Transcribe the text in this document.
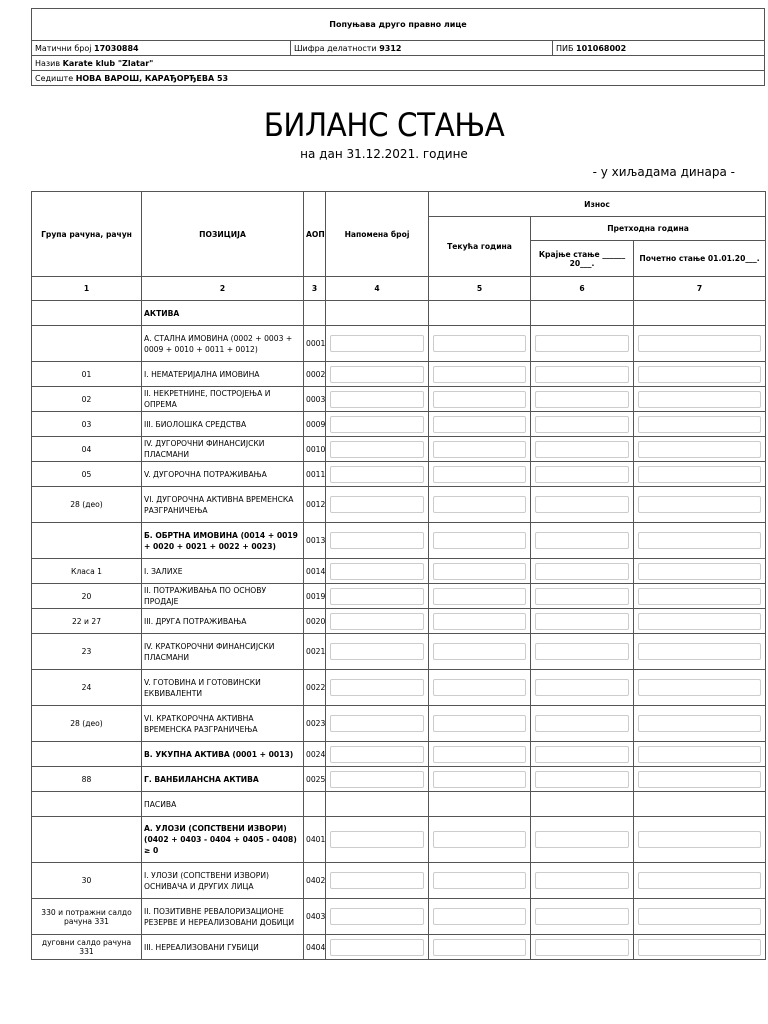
Попуњава друго правно лице
Матични број 17030884	Шифра делатности 9312	ПИБ 101068002
Назив Karate klub "Zlatar"
Седиште НОВА ВАРОШ, КАРАЂОРЂЕВА 53
БИЛАНС СТАЊА
на дан 31.12.2021. године
- у хиљадама динара -
Група рачуна, рачун	ПОЗИЦИЈА	АОП	Напомена број	Износ		
				Текућа година	Претходна година	
					Крајње стање ______ 20___.	Почетно стање 01.01.20___.
1	2	3	4	5	6	7
	АКТИВА					
	А. СТАЛНА ИМОВИНА (0002 + 0003 + 0009 + 0010 + 0011 + 0012)	0001	

01	I. НЕМАТЕРИЈАЛНА ИМОВИНА	0002	

02	II. НЕКРЕТНИНЕ, ПОСТРОЈЕЊА И ОПРЕМА	0003	

03	III. БИОЛОШКА СРЕДСТВА	0009	

04	IV. ДУГОРОЧНИ ФИНАНСИЈСКИ ПЛАСМАНИ	0010	

05	V. ДУГОРОЧНА ПОТРАЖИВАЊА	0011	

28 (део)	VI. ДУГОРОЧНА АКТИВНА ВРЕМЕНСКА РАЗГРАНИЧЕЊА	0012	

	Б. ОБРТНА ИМОВИНА (0014 + 0019 + 0020 + 0021 + 0022 + 0023)	0013	

Класа 1	I. ЗАЛИХЕ	0014	

20	II. ПОТРАЖИВАЊА ПО ОСНОВУ ПРОДАЈЕ	0019	

22 и 27	III. ДРУГА ПОТРАЖИВАЊА	0020	

23	IV. КРАТКОРОЧНИ ФИНАНСИЈСКИ ПЛАСМАНИ	0021	

24	V. ГОТОВИНА И ГОТОВИНСКИ ЕКВИВАЛЕНТИ	0022	

28 (део)	VI. КРАТКОРОЧНА АКТИВНА ВРЕМЕНСКА РАЗГРАНИЧЕЊА	0023	

	В. УКУПНА АКТИВА (0001 + 0013)	0024	

88	Г. ВАНБИЛАНСНА АКТИВА	0025	

	ПАСИВА					
	А. УЛОЗИ (СОПСТВЕНИ ИЗВОРИ) (0402 + 0403 - 0404 + 0405 - 0408) ≥ 0	0401	

30	I. УЛОЗИ (СОПСТВЕНИ ИЗВОРИ) ОСНИВАЧА И ДРУГИХ ЛИЦА	0402	

330 и потражни салдо рачуна 331	II. ПОЗИТИВНЕ РЕВАЛОРИЗАЦИОНЕ РЕЗЕРВЕ И НЕРЕАЛИЗОВАНИ ДОБИЦИ	0403	

дуговни салдо рачуна 331	III. НЕРЕАЛИЗОВАНИ ГУБИЦИ	0404	
